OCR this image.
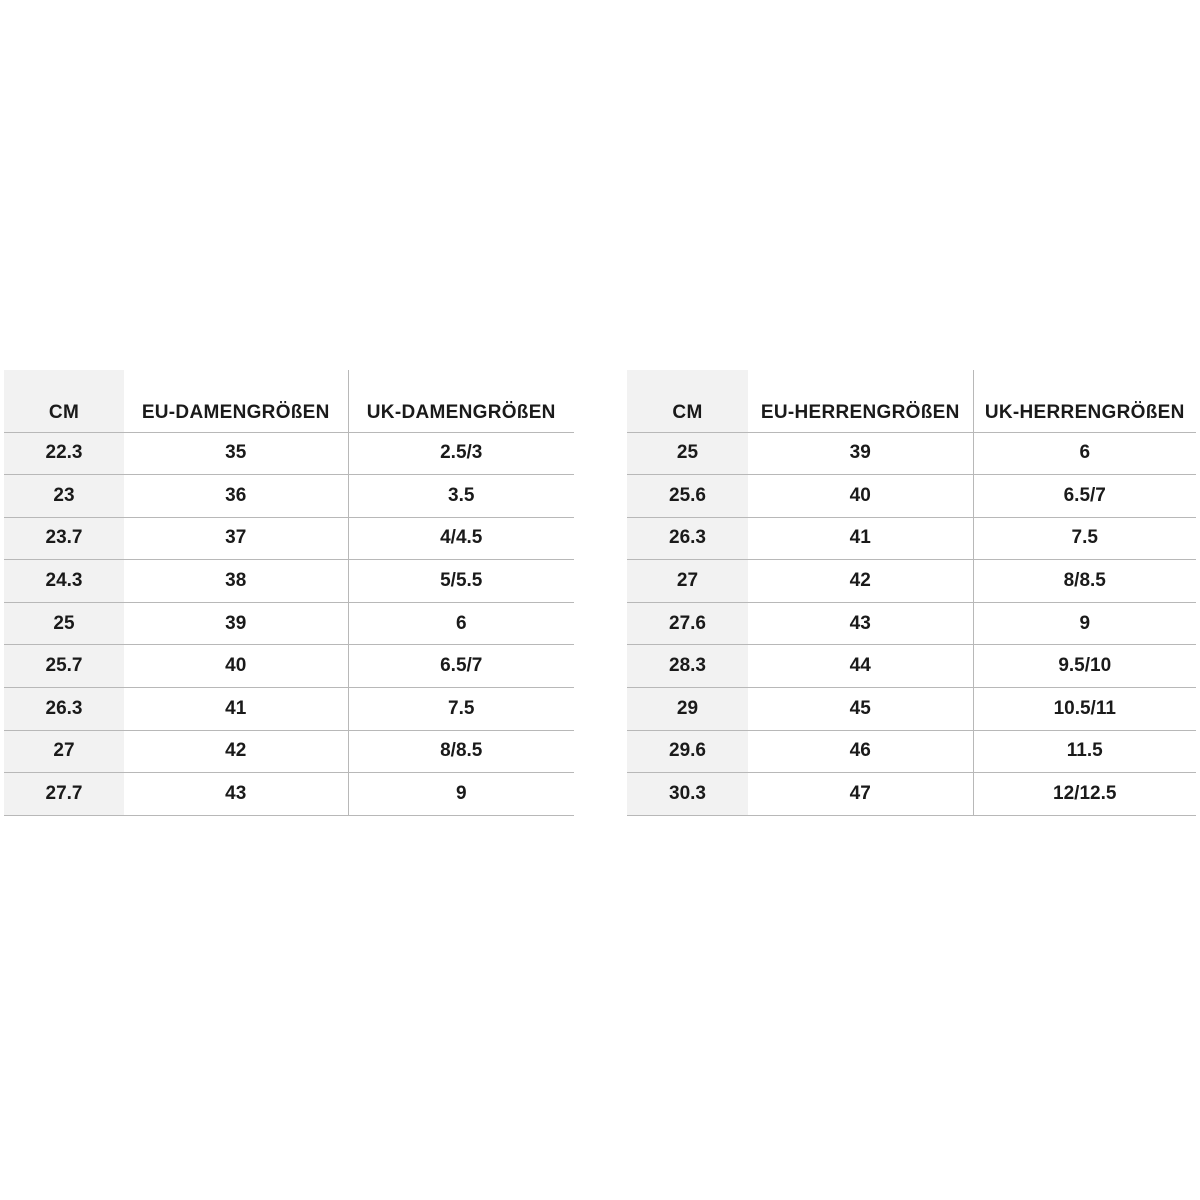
CM	EU-DAMENGRÖßEN	UK-DAMENGRÖßEN
22.3	35	2.5/3
23	36	3.5
23.7	37	4/4.5
24.3	38	5/5.5
25	39	6
25.7	40	6.5/7
26.3	41	7.5
27	42	8/8.5
27.7	43	9
CM	EU-HERRENGRÖßEN	UK-HERRENGRÖßEN
25	39	6
25.6	40	6.5/7
26.3	41	7.5
27	42	8/8.5
27.6	43	9
28.3	44	9.5/10
29	45	10.5/11
29.6	46	11.5
30.3	47	12/12.5
